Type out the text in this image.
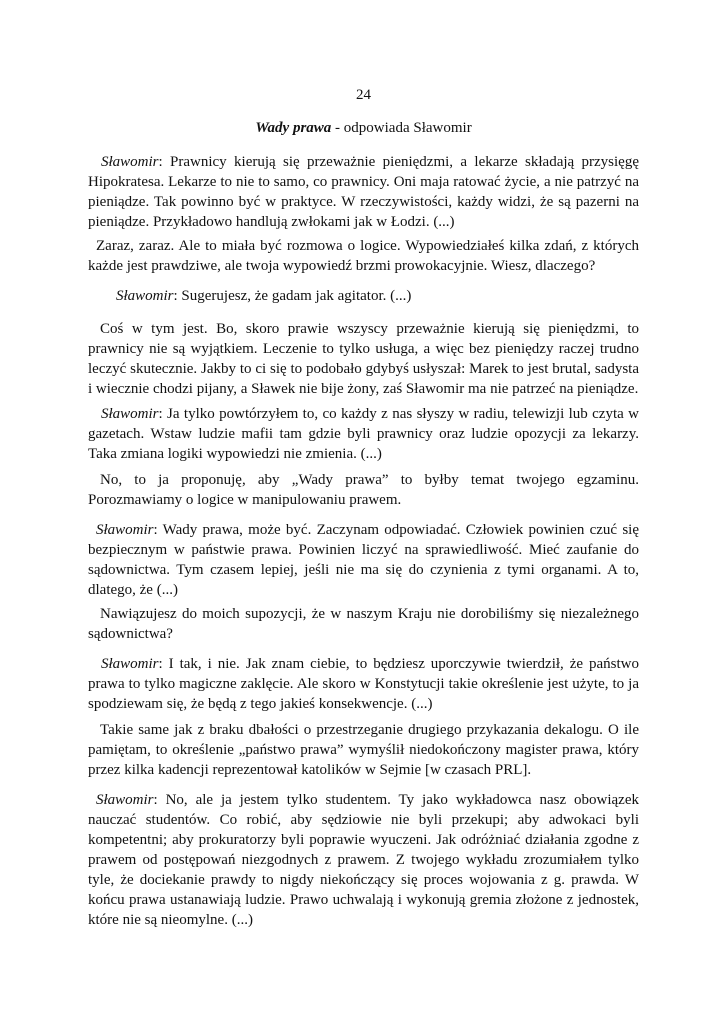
24
Wady prawa - odpowiada Sławomir

Sławomir: Prawnicy kierują się przeważnie pieniędzmi, a lekarze składają przysięgę Hipokratesa. Lekarze to nie to samo, co prawnicy. Oni maja ratować życie, a nie patrzyć na pieniądze. Tak powinno być w praktyce. W rzeczywistości, każdy widzi, że są pazerni na pieniądze. Przykładowo handlują zwłokami jak w Łodzi. (...)

Zaraz, zaraz. Ale to miała być rozmowa o logice. Wypowiedziałeś kilka zdań, z których każde jest prawdziwe, ale twoja wypowiedź brzmi prowokacyjnie. Wiesz, dlaczego?

Sławomir: Sugerujesz, że gadam jak agitator. (...)

Coś w tym jest. Bo, skoro prawie wszyscy przeważnie kierują się pieniędzmi, to prawnicy nie są wyjątkiem. Leczenie to tylko usługa, a więc bez pieniędzy raczej trudno leczyć skutecznie. Jakby to ci się to podobało gdybyś usłyszał: Marek to jest brutal, sadysta i wiecznie chodzi pijany, a Sławek nie bije żony, zaś Sławomir ma nie patrzeć na pieniądze.

Sławomir: Ja tylko powtórzyłem to, co każdy z nas słyszy w radiu, telewizji lub czyta w gazetach. Wstaw ludzie mafii tam gdzie byli prawnicy oraz ludzie opozycji za lekarzy. Taka zmiana logiki wypowiedzi nie zmienia. (...)

No, to ja proponuję, aby „Wady prawa” to byłby temat twojego egzaminu. Porozmawiamy o logice w manipulowaniu prawem.

Sławomir: Wady prawa, może być. Zaczynam odpowiadać. Człowiek powinien czuć się bezpiecznym w państwie prawa. Powinien liczyć na sprawiedliwość. Mieć zaufanie do sądownictwa. Tym czasem lepiej, jeśli nie ma się do czynienia z tymi organami. A to, dlatego, że (...)

Nawiązujesz do moich supozycji, że w naszym Kraju nie dorobiliśmy się niezależnego sądownictwa?

Sławomir: I tak, i nie. Jak znam ciebie, to będziesz uporczywie twierdził, że państwo prawa to tylko magiczne zaklęcie. Ale skoro w Konstytucji takie określenie jest użyte, to ja spodziewam się, że będą z tego jakieś konsekwencje. (...)

Takie same jak z braku dbałości o przestrzeganie drugiego przykazania dekalogu. O ile pamiętam, to określenie „państwo prawa” wymyślił niedokończony magister prawa, który przez kilka kadencji reprezentował katolików w Sejmie [w czasach PRL].

Sławomir: No, ale ja jestem tylko studentem. Ty jako wykładowca nasz obowiązek nauczać studentów. Co robić, aby sędziowie nie byli przekupi; aby adwokaci byli kompetentni; aby prokuratorzy byli poprawie wyuczeni. Jak odróżniać działania zgodne z prawem od postępowań niezgodnych z prawem. Z twojego wykładu zrozumiałem tylko tyle, że dociekanie prawdy to nigdy niekończący się proces wojowania z g. prawda. W końcu prawa ustanawiają ludzie. Prawo uchwalają i wykonują gremia złożone z jednostek, które nie są nieomylne. (...)
